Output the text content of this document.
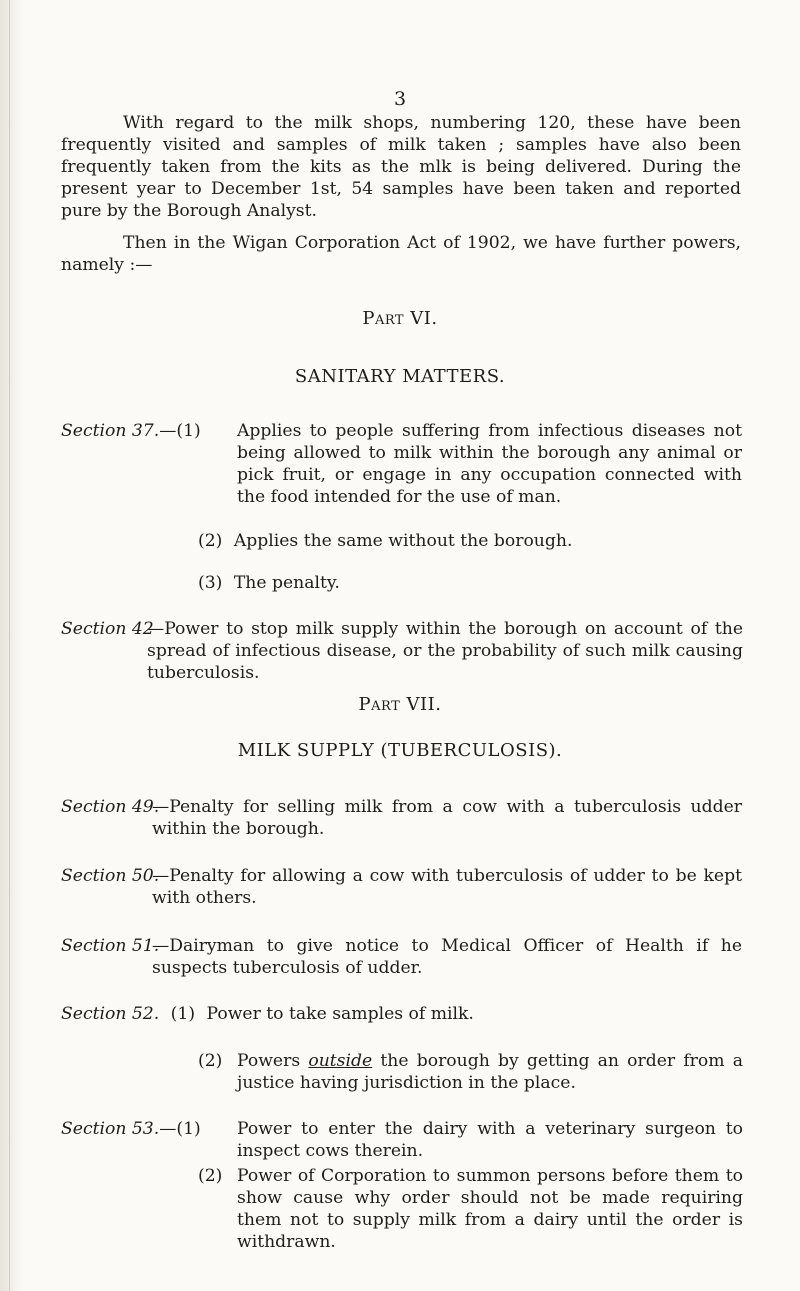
3

With regard to the milk shops, numbering 120, these have been frequently visited and samples of milk taken ; samples have also been frequently taken from the kits as the mlk is being delivered. During the present year to December 1st, 54 samples have been taken and reported pure by the Borough Analyst.

Then in the Wigan Corporation Act of 1902, we have further powers, namely :—

Part VI.
SANITARY MATTERS.
Section 37.—(1)	Applies to people suffering from infectious diseases not being allowed to milk within the borough any animal or pick fruit, or engage in any occupation connected with the food intended for the use of man.
(2) Applies the same without the borough.
(3) The penalty.
Section 42
—Power to stop milk supply within the borough on account of the spread of infectious disease, or the probability of such milk causing tuberculosis.
Part VII.
MILK SUPPLY (TUBERCULOSIS).
Section 49.
—Penalty for selling milk from a cow with a tuberculosis udder within the borough.
Section 50.
—Penalty for allowing a cow with tuberculosis of udder to be kept with others.
Section 51.
—Dairyman to give notice to Medical Officer of Health if he suspects tuberculosis of udder.
Section 52. (1) Power to take samples of milk.
(2) Powers outside the borough by getting an order from a justice having jurisdiction in the place.
Section 53.—(1)	Power to enter the dairy with a veterinary surgeon to inspect cows therein.
(2) Power of Corporation to summon persons before them to show cause why order should not be made requiring them not to supply milk from a dairy until the order is withdrawn.
